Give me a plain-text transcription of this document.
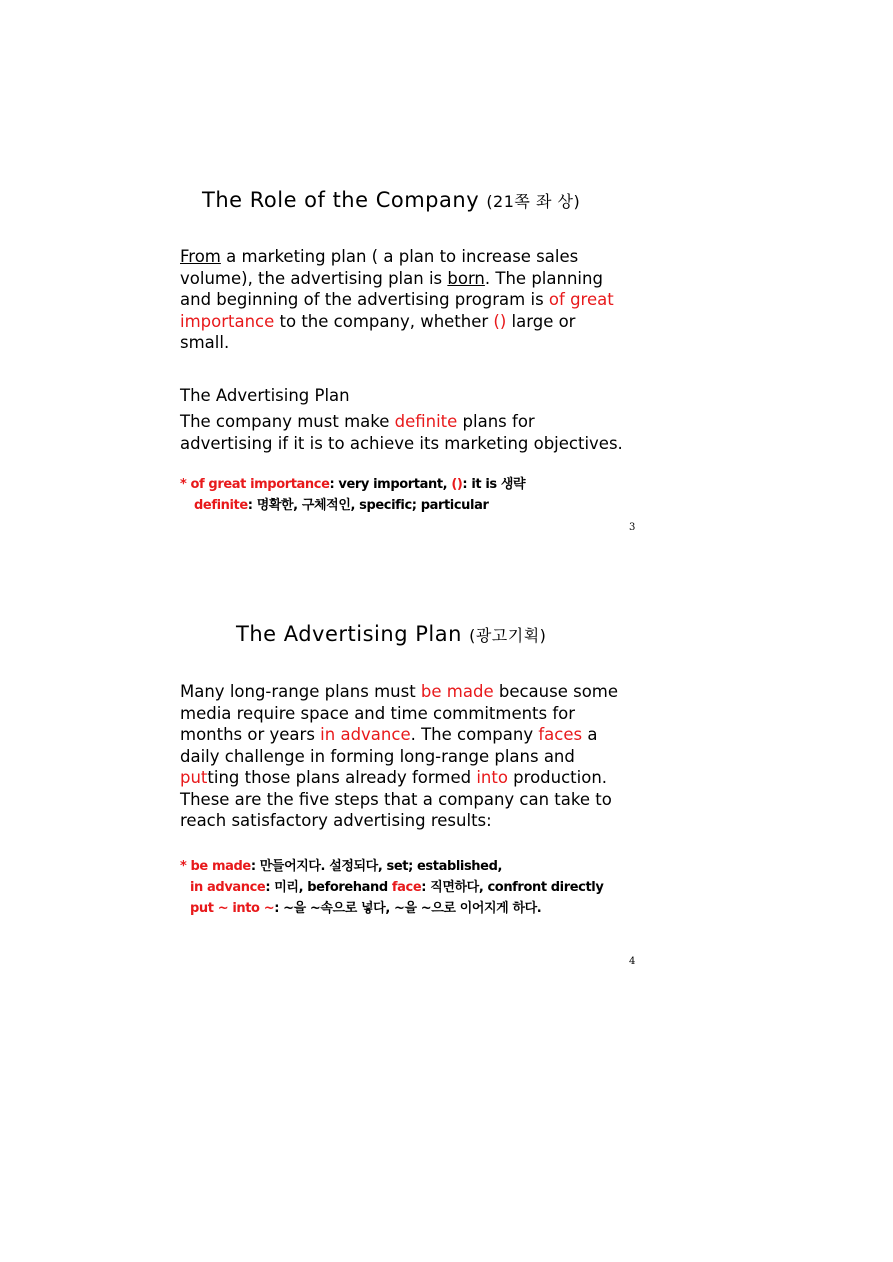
The Role of the Company (21쪽 좌 상)
From a marketing plan ( a plan to increase sales
volume), the advertising plan is born. The planning
and beginning of the advertising program is of great
importance to the company, whether () large or
small.
The Advertising Plan
The company must make definite plans for
advertising if it is to achieve its marketing objectives.
* of great importance: very important, (): it is 생략
definite: 명확한, 구체적인, specific; particular
3
The Advertising Plan (광고기획)
Many long-range plans must be made because some
media require space and time commitments for
months or years in advance. The company faces a
daily challenge in forming long-range plans and
putting those plans already formed into production.
These are the five steps that a company can take to
reach satisfactory advertising results:
* be made: 만들어지다. 설정되다, set; established,
in advance: 미리, beforehand face: 직면하다, confront directly
put ~ into ~: ~을 ~속으로 넣다, ~을 ~으로 이어지게 하다.
4
